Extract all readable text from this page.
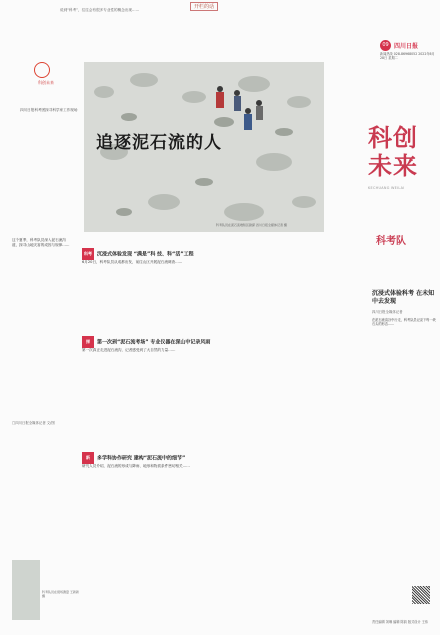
开栏的话
说到“科考”，往往会有很多专业性的概念出现……
科创未来
四川日报科考团探寻科学家工作现场
追逐泥石流的人
科考队员在泥石流堆积区勘探 四川日报全媒体记者 摄
09 四川日报
新闻热线 028-86968052 2022年6月28日 星期二
科创未来
KECHUANG WEILAI
科考队
沉浸式体验科考 在未知中去发现
四川日报全媒体记者
在泥石流沟谷中行走，科考队员记录下每一块石头的形态……
责任编辑 刘琳 编辑 陈韵 版式设计 王伟
这个夏季，科考队员深入泥石流沟道，探寻山地灾害的成因与规律……
□四川日报全媒体记者 文/图
科考 沉浸式体验发现 “满是”科 技、科“活”工程
6月20日，科考队员从成都出发，前往山区开展泥石流调查……
探 第一次到“泥石流考场” 专业仪器在深山中记录风雨
第一次真正走进泥石流沟，记者感受到了大自然的力量……
新 多学科协作研究 建构“泥石流中的细节”
研究人员介绍，泥石流的形成与降雨、地形和物质条件密切相关……
科考队员在现场测量 王新新 摄
